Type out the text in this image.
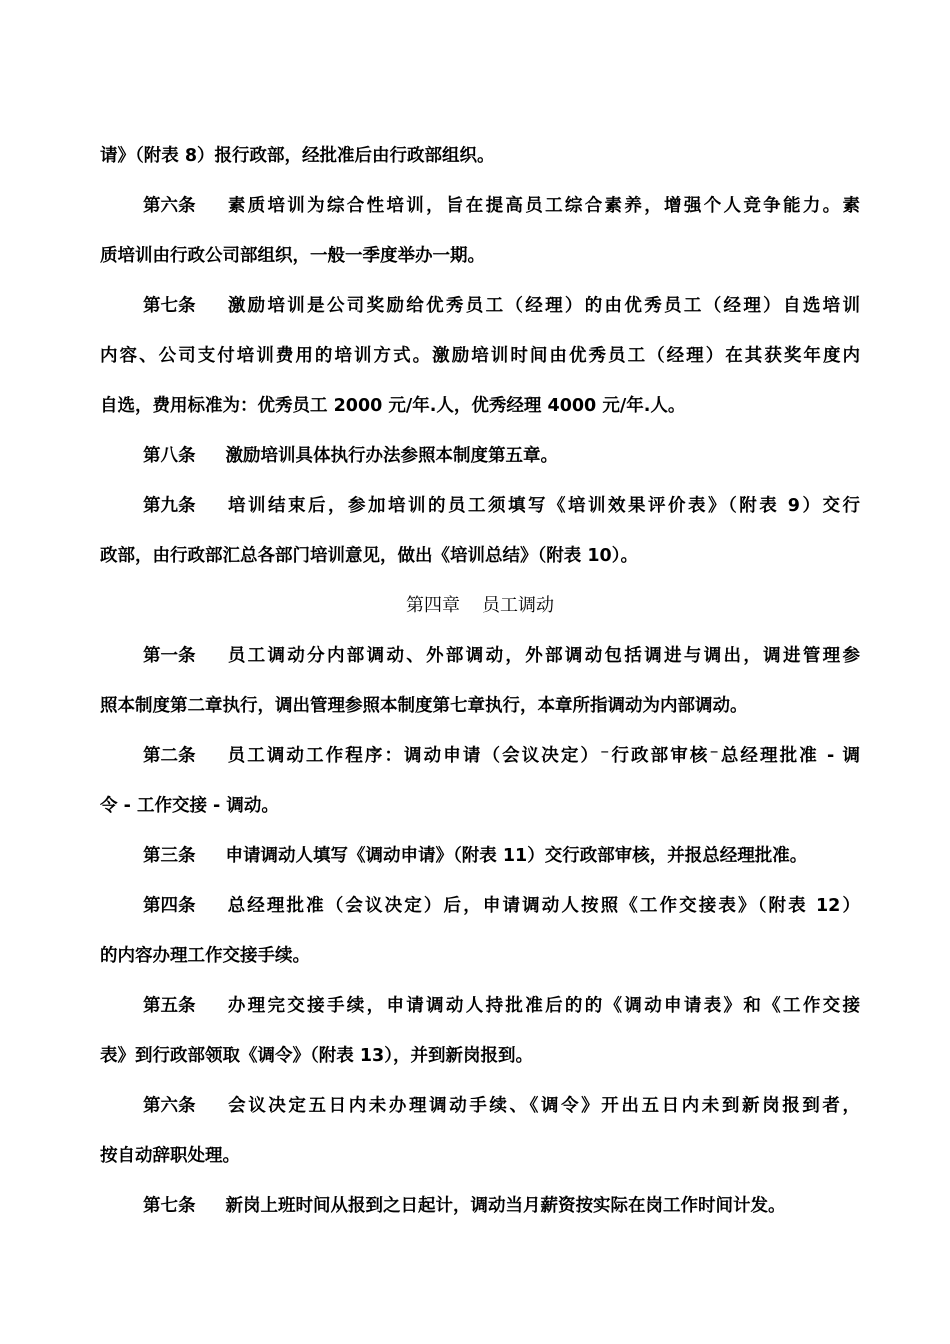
请》（附表 8）报行政部，经批准后由行政部组织。
第六条 素质培训为综合性培训，旨在提高员工综合素养，增强个人竞争能力。素
质培训由行政公司部组织，一般一季度举办一期。
第七条 激励培训是公司奖励给优秀员工（经理）的由优秀员工（经理）自选培训
内容、公司支付培训费用的培训方式。激励培训时间由优秀员工（经理）在其获奖年度内
自选，费用标准为：优秀员工 2000 元/年.人，优秀经理 4000 元/年.人。
第八条 激励培训具体执行办法参照本制度第五章。
第九条 培训结束后，参加培训的员工须填写《培训效果评价表》（附表 9）交行
政部，由行政部汇总各部门培训意见，做出《培训总结》（附表 10）。
第四章 员工调动
第一条 员工调动分内部调动、外部调动，外部调动包括调进与调出，调进管理参
照本制度第二章执行，调出管理参照本制度第七章执行，本章所指调动为内部调动。
第二条 员工调动工作程序：调动申请（会议决定）⁻行政部审核⁻总经理批准 - 调
令 - 工作交接 - 调动。
第三条 申请调动人填写《调动申请》（附表 11）交行政部审核，并报总经理批准。
第四条 总经理批准（会议决定）后，申请调动人按照《工作交接表》（附表 12）
的内容办理工作交接手续。
第五条 办理完交接手续，申请调动人持批准后的的《调动申请表》和《工作交接
表》到行政部领取《调令》（附表 13），并到新岗报到。
第六条 会议决定五日内未办理调动手续、《调令》开出五日内未到新岗报到者，
按自动辞职处理。
第七条 新岗上班时间从报到之日起计，调动当月薪资按实际在岗工作时间计发。
